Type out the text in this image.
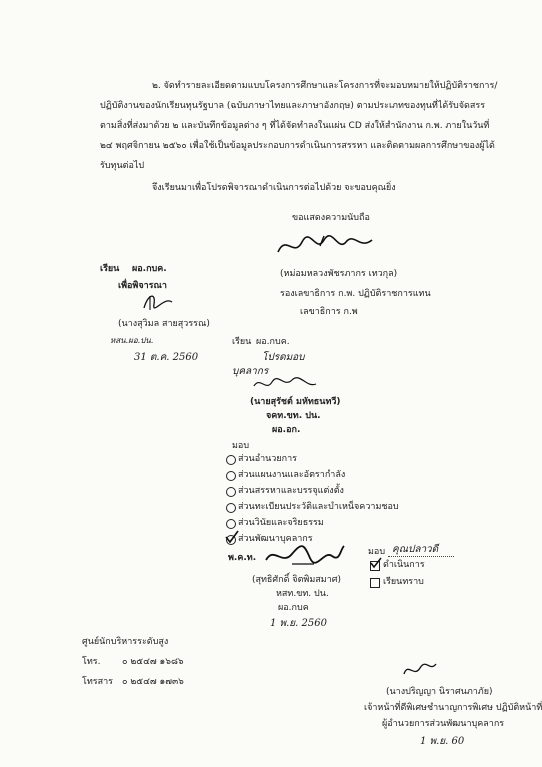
๒. จัดทำรายละเอียดตามแบบโครงการศึกษาและโครงการที่จะมอบหมายให้ปฏิบัติราชการ/
ปฏิบัติงานของนักเรียนทุนรัฐบาล (ฉบับภาษาไทยและภาษาอังกฤษ) ตามประเภทของทุนที่ได้รับจัดสรร
ตามสิ่งที่ส่งมาด้วย ๒ และบันทึกข้อมูลต่าง ๆ ที่ได้จัดทำลงในแผ่น CD ส่งให้สำนักงาน ก.พ. ภายในวันที่
๒๔ พฤศจิกายน ๒๕๖๐ เพื่อใช้เป็นข้อมูลประกอบการดำเนินการสรรหา และติดตามผลการศึกษาของผู้ได้
รับทุนต่อไป
จึงเรียนมาเพื่อโปรดพิจารณาดำเนินการต่อไปด้วย จะขอบคุณยิ่ง
ขอแสดงความนับถือ
(หม่อมหลวงพัชรภากร เทวกุล)
รองเลขาธิการ ก.พ. ปฏิบัติราชการแทน
เลขาธิการ ก.พ
เรียน ผอ.กบค.
เพื่อพิจารณา
(นางสุวิมล สายสุวรรณ)
หสน.ผอ.ปน.
31 ต.ค. 2560
เรียน ผอ.กบค.
โปรดมอบ
บุคลากร
(นายสุรัชต์ มหัทธนทวี)
จคท.ขท. ปน.
ผอ.อก.
มอบ
ส่วนอำนวยการ
ส่วนแผนงานและอัตรากำลัง
ส่วนสรรหาและบรรจุแต่งตั้ง
ส่วนทะเบียนประวัติและบำเหน็จความชอบ
ส่วนวินัยและจริยธรรม
ส่วนพัฒนาบุคลากร
พ.ค.ท.
(สุทธิศักดิ์ จิตพิมสมาศ)
หสท.ขท. ปน.
ผอ.กบค
1 พ.ย. 2560
มอบ คุณปลาวดี
ดำเนินการ
เรียนทราบ
ศูนย์นักบริหารระดับสูง
โทร. ๐ ๒๕๔๗ ๑๖๘๖
โทรสาร ๐ ๒๕๔๗ ๑๗๓๖
(นางปริญญา นิราศนภาภัย)
เจ้าหน้าที่ดีพิเศษชำนาญการพิเศษ ปฏิบัติหน้าที่
ผู้อำนวยการส่วนพัฒนาบุคลากร
1 พ.ย. 60
